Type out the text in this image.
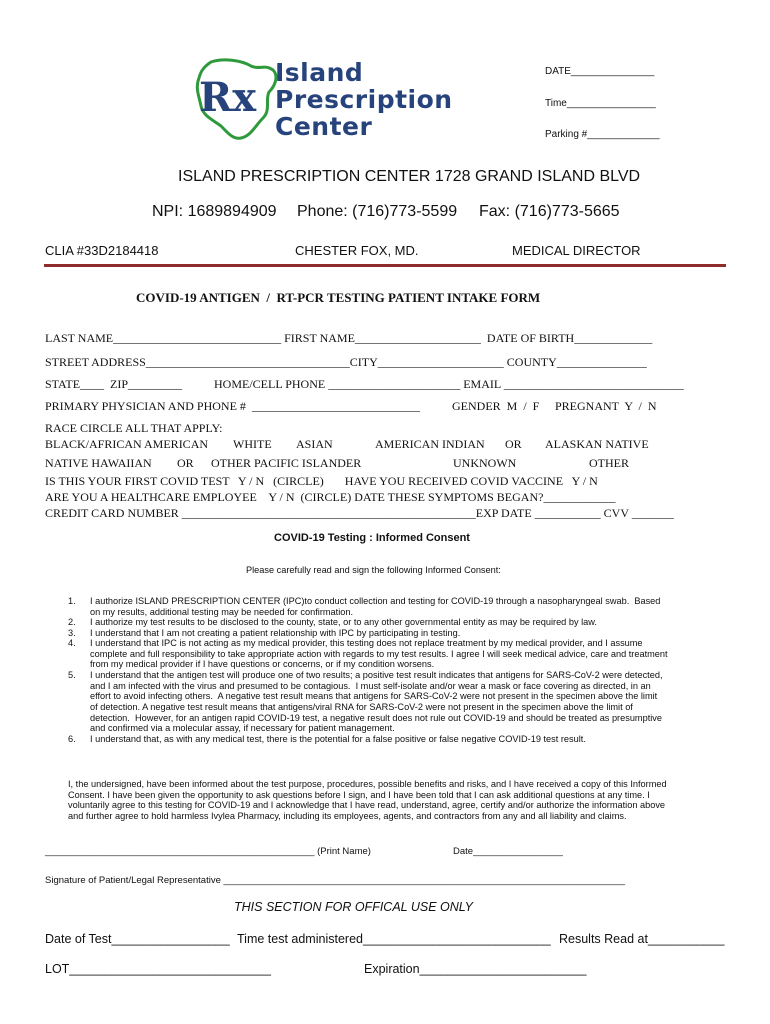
Rx

Island

Prescription

Center

DATE_______________
Time________________
Parking #_____________
ISLAND PRESCRIPTION CENTER 1728 GRAND ISLAND BLVD
NPI: 1689894909 Phone: (716)773-5599 Fax: (716)773-5665
CLIA #33D2184418	CHESTER FOX, MD.	MEDICAL DIRECTOR
COVID-19 ANTIGEN  /  RT-PCR TESTING PATIENT INTAKE FORM
LAST NAME____________________________ FIRST NAME_____________________  DATE OF BIRTH_____________
STREET ADDRESS__________________________________CITY_____________________ COUNTY_______________
STATE____  ZIP_________	HOME/CELL PHONE ______________________ EMAIL ______________________________
PRIMARY PHYSICIAN AND PHONE #  ____________________________	GENDER  M  /  F PREGNANT  Y  /  N
RACE CIRCLE ALL THAT APPLY:
BLACK/AFRICAN AMERICAN WHITE ASIAN	AMERICAN INDIAN OR ALASKAN NATIVE
NATIVE HAWAIIAN OR OTHER PACIFIC ISLANDER	UNKNOWN	OTHER
IS THIS YOUR FIRST COVID TEST   Y / N   (CIRCLE)       HAVE YOU RECEIVED COVID VACCINE   Y / N
ARE YOU A HEALTHCARE EMPLOYEE    Y / N  (CIRCLE) DATE THESE SYMPTOMS BEGAN?____________
CREDIT CARD NUMBER _________________________________________________EXP DATE ___________ CVV _______
COVID-19 Testing : Informed Consent
Please carefully read and sign the following Informed Consent:
1. I authorize ISLAND PRESCRIPTION CENTER (IPC)to conduct collection and testing for COVID-19 through a nasopharyngeal swab.  Based
on my results, additional testing may be needed for confirmation.
2. I authorize my test results to be disclosed to the county, state, or to any other governmental entity as may be required by law.
3. I understand that I am not creating a patient relationship with IPC by participating in testing.
4. I understand that IPC is not acting as my medical provider, this testing does not replace treatment by my medical provider, and I assume
complete and full responsibility to take appropriate action with regards to my test results. I agree I will seek medical advice, care and treatment
from my medical provider if I have questions or concerns, or if my condition worsens.
5. I understand that the antigen test will produce one of two results; a positive test result indicates that antigens for SARS-CoV-2 were detected,
and I am infected with the virus and presumed to be contagious.  I must self-isolate and/or wear a mask or face covering as directed, in an
effort to avoid infecting others.  A negative test result means that antigens for SARS-CoV-2 were not present in the specimen above the limit
of detection. A negative test result means that antigens/viral RNA for SARS-CoV-2 were not present in the specimen above the limit of
detection.  However, for an antigen rapid COVID-19 test, a negative result does not rule out COVID-19 and should be treated as presumptive
and confirmed via a molecular assay, if necessary for patient management.
6. I understand that, as with any medical test, there is the potential for a false positive or false negative COVID-19 test result.
I, the undersigned, have been informed about the test purpose, procedures, possible benefits and risks, and I have received a copy of this Informed
Consent. I have been given the opportunity to ask questions before I sign, and I have been told that I can ask additional questions at any time. I
voluntarily agree to this testing for COVID-19 and I acknowledge that I have read, understand, agree, certify and/or authorize the information above
and further agree to hold harmless Ivylea Pharmacy, including its employees, agents, and contractors from any and all liability and claims.
___________________________________________________ (Print Name)	Date_________________
Signature of Patient/Legal Representative ____________________________________________________________________________
THIS SECTION FOR OFFICAL USE ONLY
Date of Test_________________ Time test administered___________________________ Results Read at___________
LOT_____________________________	Expiration________________________
